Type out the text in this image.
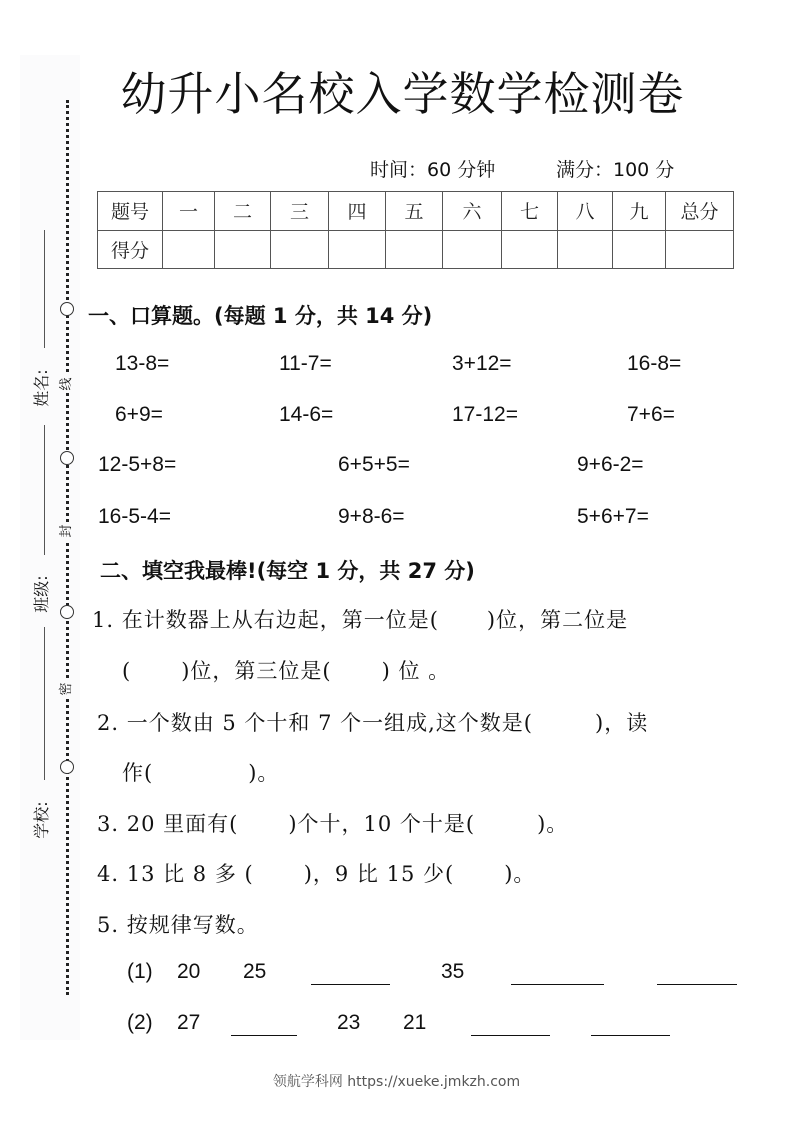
线
封
密
姓名:
班级:
学校:
幼升小名校入学数学检测卷
时间：60 分钟	满分：100 分
题号	一	二	三	四	五	六	七	八	九	总分
得分										
一、口算题。(每题 1 分，共 14 分)
13-8=	11-7=	3+12=	16-8=
6+9=	14-6=	17-12=	7+6=
12-5+8=	6+5+5=	9+6-2=
16-5-4=	9+8-6=	5+6+7=
二、填空我最棒!(每空 1 分，共 27 分)
1. 在计数器上从右边起，第一位是( )位，第二位是
( )位，第三位是( ) 位 。
2. 一个数由 5 个十和 7 个一组成,这个数是(	)，读
作(	)。
3. 20 里面有( )个十，10 个十是(	)。
4. 13 比 8 多 ( )，9 比 15 少( )。
5. 按规律写数。
(1) 20 25	35
(2) 27	23 21
领航学科网 https://xueke.jmkzh.com
